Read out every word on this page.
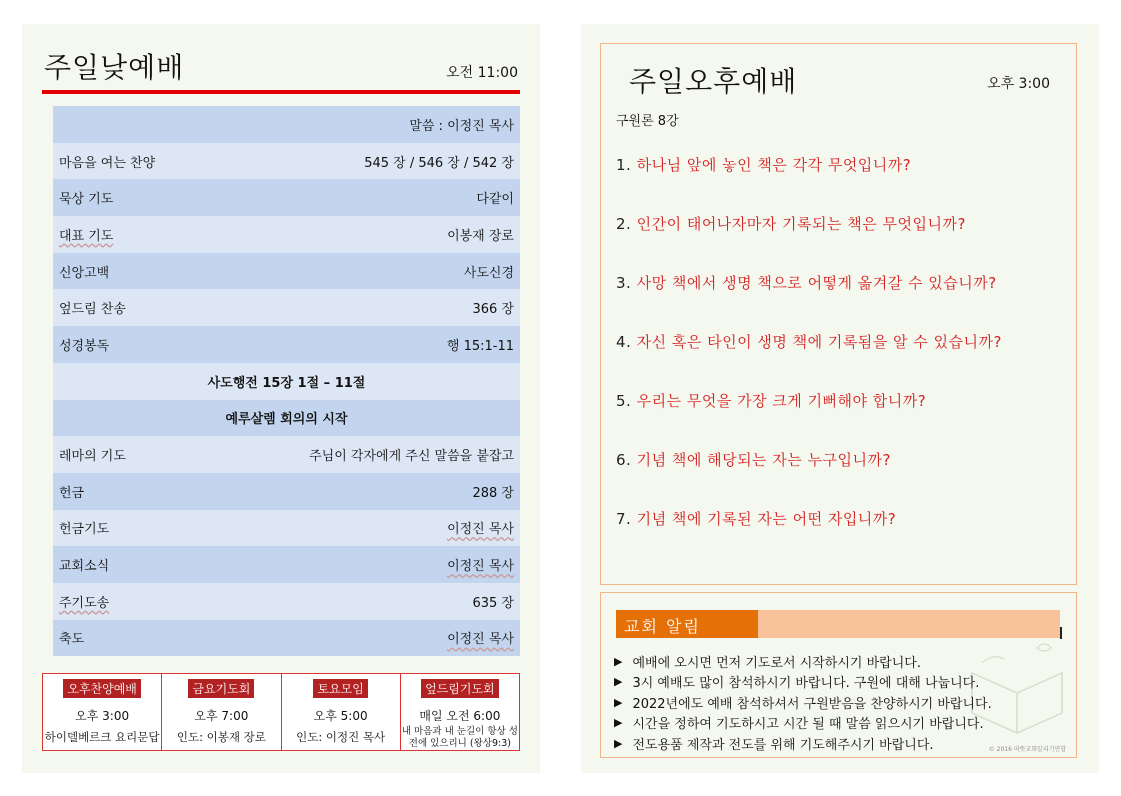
주일낮예배	오전 11:00
말씀 : 이정진 목사
마음을 여는 찬양	545 장 / 546 장 / 542 장
묵상 기도	다같이
대표 기도	이봉재 장로
신앙고백	사도신경
엎드림 찬송	366 장
성경봉독	행 15:1-11
사도행전 15장 1절 – 11절
예루살렘 회의의 시작
레마의 기도	주님이 각자에게 주신 말씀을 붙잡고
헌금	288 장
헌금기도	이정진 목사
교회소식	이정진 목사
주기도송	635 장
축도	이정진 목사
오후찬양예배
오후 3:00
하이델베르크 요리문답
금요기도회
오후 7:00
인도: 이봉재 장로
토요모임
오후 5:00
인도: 이정진 목사
엎드림기도회
매일 오전 6:00
내 마음과 내 눈길이 항상 성전에 있으리니 (왕상9:3)
주일오후예배	오후 3:00
구원론 8강
1. 하나님 앞에 놓인 책은 각각 무엇입니까?
2. 인간이 태어나자마자 기록되는 책은 무엇입니까?
3. 사망 책에서 생명 책으로 어떻게 옮겨갈 수 있습니까?
4. 자신 혹은 타인이 생명 책에 기록됨을 알 수 있습니까?
5. 우리는 무엇을 가장 크게 기뻐해야 합니까?
6. 기념 책에 해당되는 자는 누구입니까?
7. 기념 책에 기록된 자는 어떤 자입니까?
교회 알림
▶ 예배에 오시면 먼저 기도로서 시작하시기 바랍니다.
▶ 3시 예배도 많이 참석하시기 바랍니다. 구원에 대해 나눕니다.
▶ 2022년에도 예배 참석하셔서 구원받음을 찬양하시기 바랍니다.
▶ 시간을 정하여 기도하시고 시간 될 때 말씀 읽으시기 바랍니다.
▶ 전도용품 제작과 전도를 위해 기도해주시기 바랍니다.	© 2016 따뜻교회알리기연합
